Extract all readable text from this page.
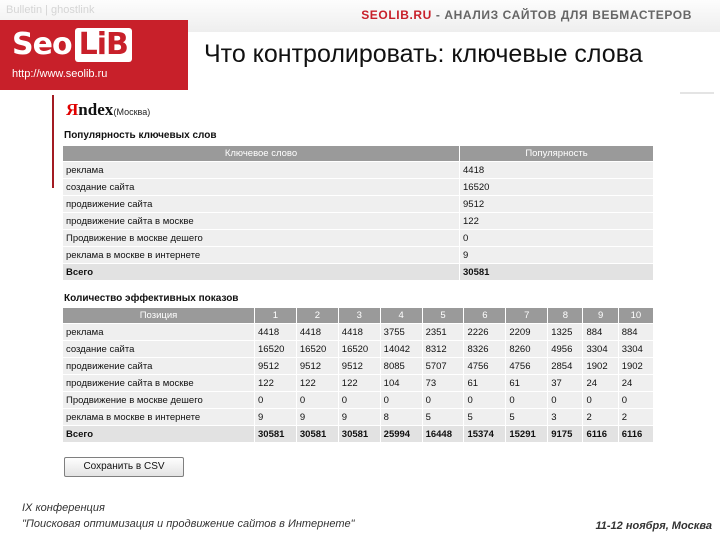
Bulletin | ghostlink	SEOLIB.RU - АНАЛИЗ САЙТОВ ДЛЯ ВЕБМАСТЕРОВ
Seo LiB
http://www.seolib.ru
Что контролировать: ключевые слова
Яndex
- (Москва)
Популярность ключевых слов
Ключевое слово	Популярность
реклама	4418
создание сайта	16520
продвижение сайта	9512
продвижение сайта в москве	122
Продвижение в москве дешего	0
реклама в москве в интернете	9
Всего	30581
Количество эффективных показов
Позиция	1	2	3	4	5	6	7	8	9	10
реклама	4418	4418	4418	3755	2351	2226	2209	1325	884	884
создание сайта	16520	16520	16520	14042	8312	8326	8260	4956	3304	3304
продвижение сайта	9512	9512	9512	8085	5707	4756	4756	2854	1902	1902
продвижение сайта в москве	122	122	122	104	73	61	61	37	24	24
Продвижение в москве дешего	0	0	0	0	0	0	0	0	0	0
реклама в москве в интернете	9	9	9	8	5	5	5	3	2	2
Всего	30581	30581	30581	25994	16448	15374	15291	9175	6116	6116
Сохранить в CSV
IX конференция
"Поисковая оптимизация и продвижение сайтов в Интернете"	11-12 ноября, Москва
